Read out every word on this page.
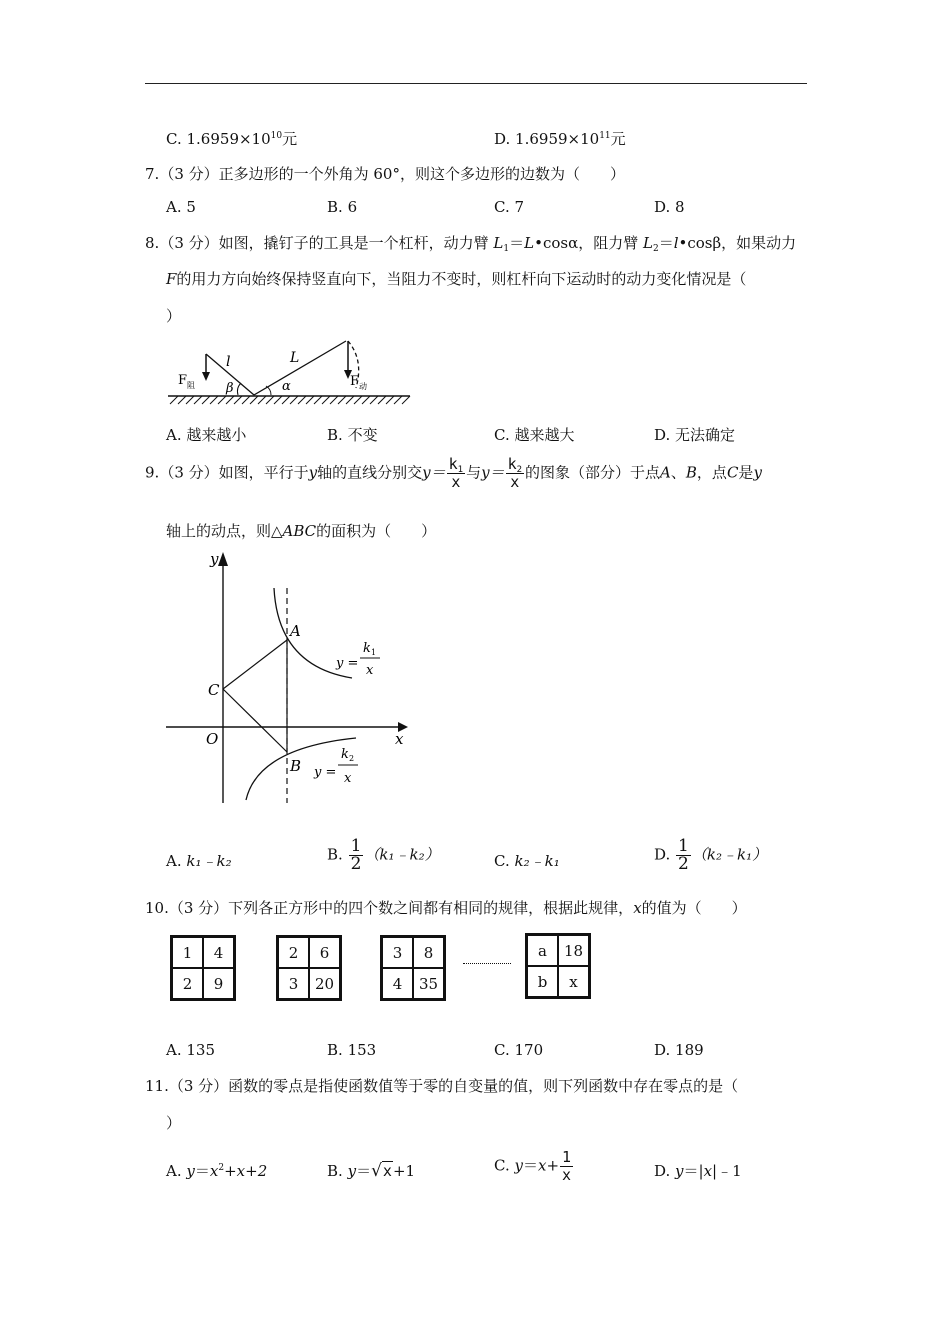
C. $1.6959\times 10^{10}$元	D. $1.6959\times 10^{11}$元
7.（3 分）正多边形的一个外角为 60°，则这个多边形的边数为（　　）
A. 5	B. 6	C. 7	D. 8
8.（3 分）如图，撬钉子的工具是一个杠杆，动力臂 $L_1=L•\cos\alpha$，阻力臂 $L_2=l•\cos\beta$，如果动力
F的用力方向始终保持竖直向下，当阻力不变时，则杠杆向下运动时的动力变化情况是（
）
l	L
β	α
F 阻	F 动
A. 越来越小	B. 不变	C. 越来越大	D. 无法确定
9.（3 分）如图，平行于y轴的直线分别交$y= \frac{k_1}{x}$ 与$y= \frac{k_2}{x}$ 的图象（部分）于点A、B，点C是y
轴上的动点，则△ABC的面积为（　　）
y
x
O
A
B
C
y =
k 1
x
y =
k 2
x
A. k₁﹣k₂	B. $\frac{1}{2}$ （k₁﹣k₂）	C. k₂﹣k₁	D. $\frac{1}{2}$ （k₂﹣k₁）
10.（3 分）下列各正方形中的四个数之间都有相同的规律，根据此规律，x的值为（　　）
1	4
2	9
2	6
3	20
3	8
4	35
a	18
b	x
A. 135	B. 153	C. 170	D. 189
11.（3 分）函数的零点是指使函数值等于零的自变量的值，则下列函数中存在零点的是（
）
A. $y=x^2+x+2$	B. y＝√x+1	C. $y=x+ \frac{1}{x}$	D. y＝|x|﹣1
